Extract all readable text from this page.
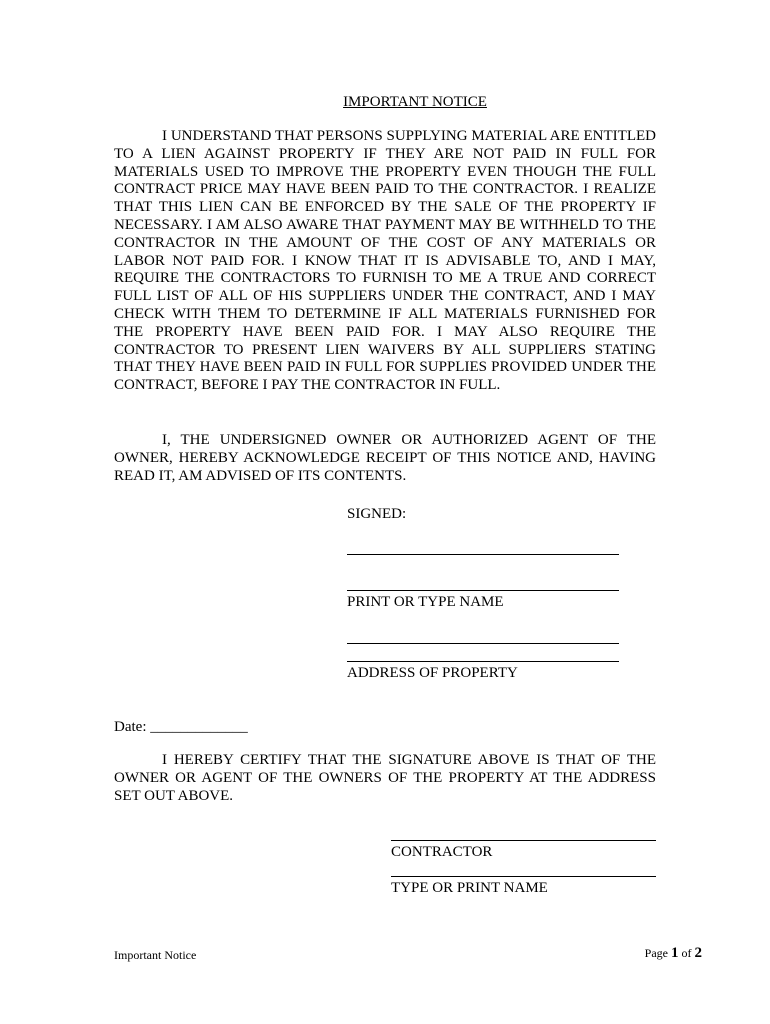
IMPORTANT NOTICE

I UNDERSTAND THAT PERSONS SUPPLYING MATERIAL ARE ENTITLED TO A LIEN AGAINST PROPERTY IF THEY ARE NOT PAID IN FULL FOR MATERIALS USED TO IMPROVE THE PROPERTY EVEN THOUGH THE FULL CONTRACT PRICE MAY HAVE BEEN PAID TO THE CONTRACTOR. I REALIZE THAT THIS LIEN CAN BE ENFORCED BY THE SALE OF THE PROPERTY IF NECESSARY. I AM ALSO AWARE THAT PAYMENT MAY BE WITHHELD TO THE CONTRACTOR IN THE AMOUNT OF THE COST OF ANY MATERIALS OR LABOR NOT PAID FOR. I KNOW THAT IT IS ADVISABLE TO, AND I MAY, REQUIRE THE CONTRACTORS TO FURNISH TO ME A TRUE AND CORRECT FULL LIST OF ALL OF HIS SUPPLIERS UNDER THE CONTRACT, AND I MAY CHECK WITH THEM TO DETERMINE IF ALL MATERIALS FURNISHED FOR THE PROPERTY HAVE BEEN PAID FOR. I MAY ALSO REQUIRE THE CONTRACTOR TO PRESENT LIEN WAIVERS BY ALL SUPPLIERS STATING THAT THEY HAVE BEEN PAID IN FULL FOR SUPPLIES PROVIDED UNDER THE CONTRACT, BEFORE I PAY THE CONTRACTOR IN FULL.

I, THE UNDERSIGNED OWNER OR AUTHORIZED AGENT OF THE OWNER, HEREBY ACKNOWLEDGE RECEIPT OF THIS NOTICE AND, HAVING READ IT, AM ADVISED OF ITS CONTENTS.

SIGNED:
PRINT OR TYPE NAME
ADDRESS OF PROPERTY
Date: _____________

I HEREBY CERTIFY THAT THE SIGNATURE ABOVE IS THAT OF THE OWNER OR AGENT OF THE OWNERS OF THE PROPERTY AT THE ADDRESS SET OUT ABOVE.

CONTRACTOR
TYPE OR PRINT NAME
Important Notice	Page 1 of 2
